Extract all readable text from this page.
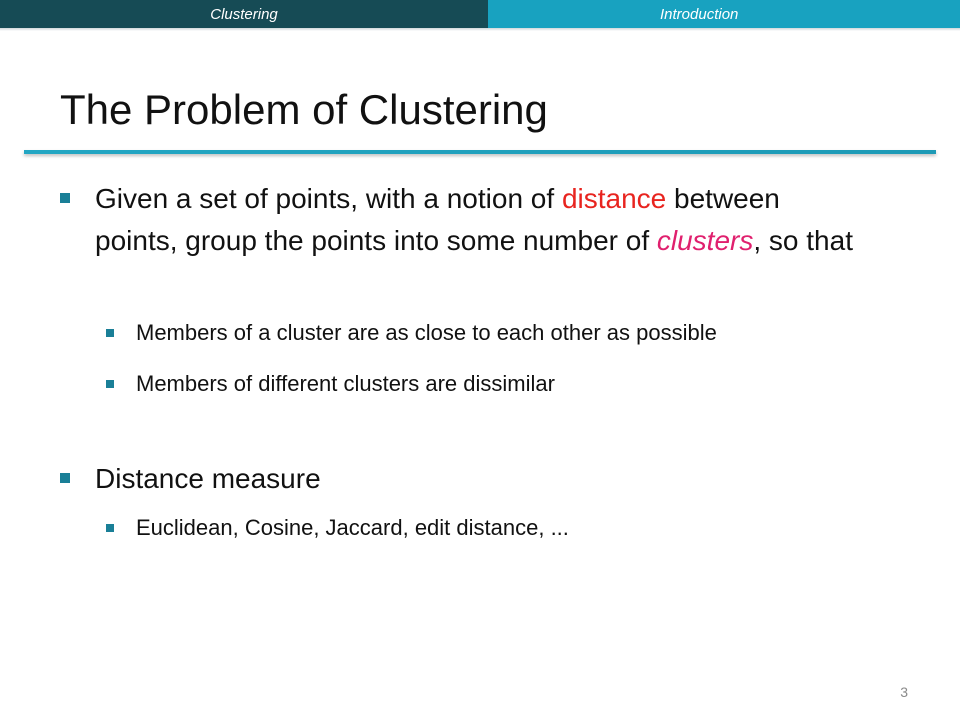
Clustering	Introduction
The Problem of Clustering
Given a set of points, with a notion of distance between points, group the points into some number of clusters, so that
Members of a cluster are as close to each other as possible
Members of different clusters are dissimilar
Distance measure
Euclidean, Cosine, Jaccard, edit distance, ...
3
